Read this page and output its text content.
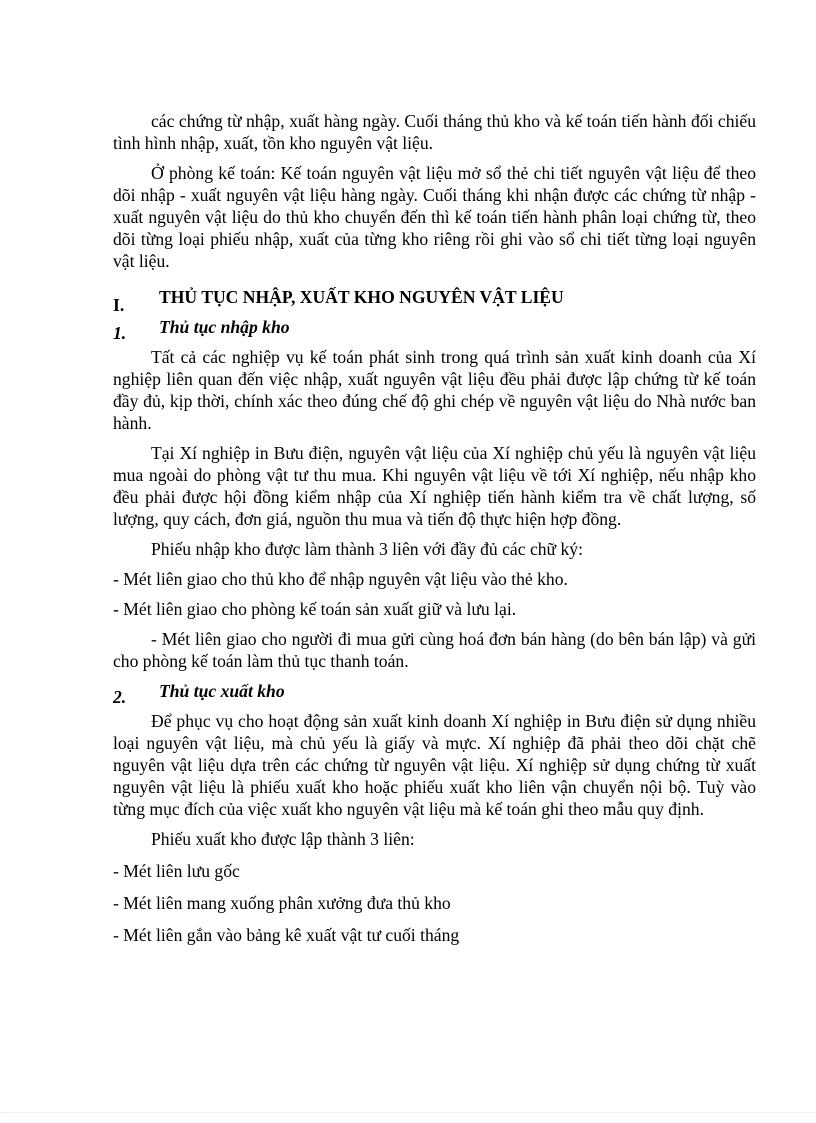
các chứng từ nhập, xuất hàng ngày. Cuối tháng thủ kho và kế toán tiến hành đối chiếu tình hình nhập, xuất, tồn kho nguyên vật liệu.

Ở phòng kế toán: Kế toán nguyên vật liệu mở sổ thẻ chi tiết nguyên vật liệu để theo dõi nhập - xuất nguyên vật liệu hàng ngày. Cuối tháng khi nhận được các chứng từ nhập - xuất nguyên vật liệu do thủ kho chuyển đến thì kế toán tiến hành phân loại chứng từ, theo dõi từng loại phiếu nhập, xuất của từng kho riêng rồi ghi vào sổ chi tiết từng loại nguyên vật liệu.

I.	THỦ TỤC NHẬP, XUẤT KHO NGUYÊN VẬT LIỆU
1.	Thủ tục nhập kho

Tất cả các nghiệp vụ kế toán phát sinh trong quá trình sản xuất kinh doanh của Xí nghiệp liên quan đến việc nhập, xuất nguyên vật liệu đều phải được lập chứng từ kế toán đầy đủ, kịp thời, chính xác theo đúng chế độ ghi chép về nguyên vật liệu do Nhà nước ban hành.

Tại Xí nghiệp in Bưu điện, nguyên vật liệu của Xí nghiệp chủ yếu là nguyên vật liệu mua ngoài do phòng vật tư thu mua. Khi nguyên vật liệu về tới Xí nghiệp, nếu nhập kho đều phải được hội đồng kiểm nhập của Xí nghiệp tiến hành kiểm tra về chất lượng, số lượng, quy cách, đơn giá, nguồn thu mua và tiến độ thực hiện hợp đồng.

Phiếu nhập kho được làm thành 3 liên với đầy đủ các chữ ký:

- Mét liên giao cho thủ kho để nhập nguyên vật liệu vào thẻ kho.

- Mét liên giao cho phòng kế toán sản xuất giữ và lưu lại.

- Mét liên giao cho người đi mua gửi cùng hoá đơn bán hàng (do bên bán lập) và gửi cho phòng kế toán làm thủ tục thanh toán.

2.	Thủ tục xuất kho

Để phục vụ cho hoạt động sản xuất kinh doanh Xí nghiệp in Bưu điện sử dụng nhiều loại nguyên vật liệu, mà chủ yếu là giấy và mực. Xí nghiệp đã phải theo dõi chặt chẽ nguyên vật liệu dựa trên các chứng từ nguyên vật liệu. Xí nghiệp sử dụng chứng từ xuất nguyên vật liệu là phiếu xuất kho hoặc phiếu xuất kho liên vận chuyển nội bộ. Tuỳ vào từng mục đích của việc xuất kho nguyên vật liệu mà kế toán ghi theo mẫu quy định.

Phiếu xuất kho được lập thành 3 liên:

- Mét liên lưu gốc

- Mét liên mang xuống phân xưởng đưa thủ kho

- Mét liên gắn vào bảng kê xuất vật tư cuối tháng
